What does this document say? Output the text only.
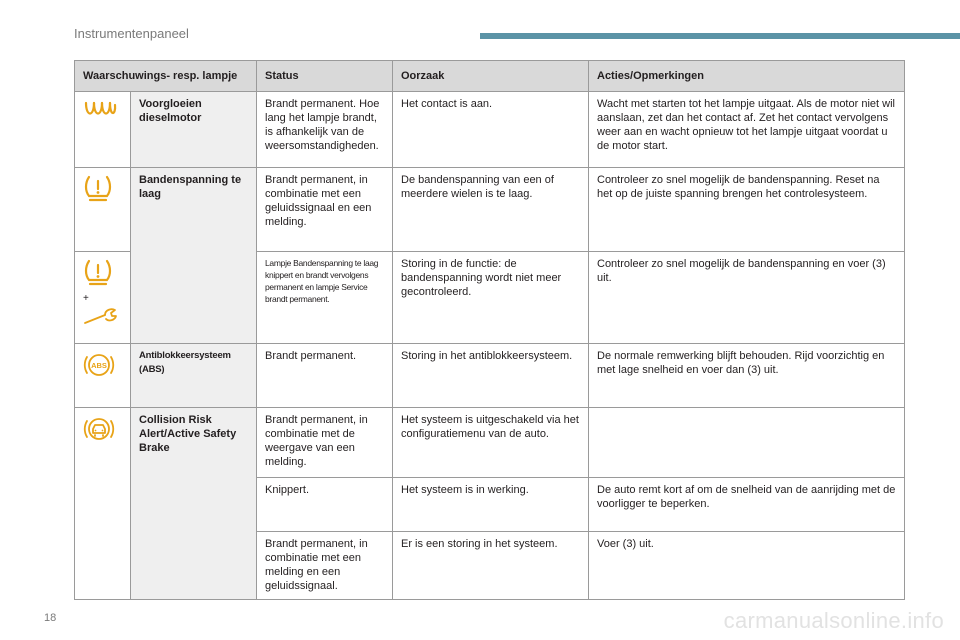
Instrumentenpaneel
Waarschuwings- resp. lampje		Status	Oorzaak	Acties/Opmerkingen
	Voorgloeien dieselmotor	Brandt permanent. Hoe lang het lampje brandt, is afhankelijk van de weersomstandigheden.	Het contact is aan.	Wacht met starten tot het lampje uitgaat. Als de motor niet wil aanslaan, zet dan het contact af. Zet het contact vervolgens weer aan en wacht opnieuw tot het lampje uitgaat voordat u de motor start.
	Bandenspanning te laag	Brandt permanent, in combinatie met een geluidssignaal en een melding.	De bandenspanning van een of meerdere wielen is te laag.	Controleer zo snel mogelijk de bandenspanning. Reset na het op de juiste spanning brengen het controlesysteem.

+		Lampje Bandenspanning te laag knippert en brandt vervolgens permanent en lampje Service brandt permanent.	Storing in de functie: de bandenspanning wordt niet meer gecontroleerd.	Controleer zo snel mogelijk de bandenspanning en voer (3) uit.

ABS	Antiblokkeersysteem (ABS)	Brandt permanent.	Storing in het antiblokkeersysteem.	De normale remwerking blijft behouden. Rijd voorzichtig en met lage snelheid en voer dan (3) uit.
	Collision Risk Alert/Active Safety Brake	Brandt permanent, in combinatie met de weergave van een melding.	Het systeem is uitgeschakeld via het configuratiemenu van de auto.	
		Knippert.	Het systeem is in werking.	De auto remt kort af om de snelheid van de aanrijding met de voorligger te beperken.
		Brandt permanent, in combinatie met een melding en een geluidssignaal.	Er is een storing in het systeem.	Voer (3) uit.
18	carmanualsonline.info
